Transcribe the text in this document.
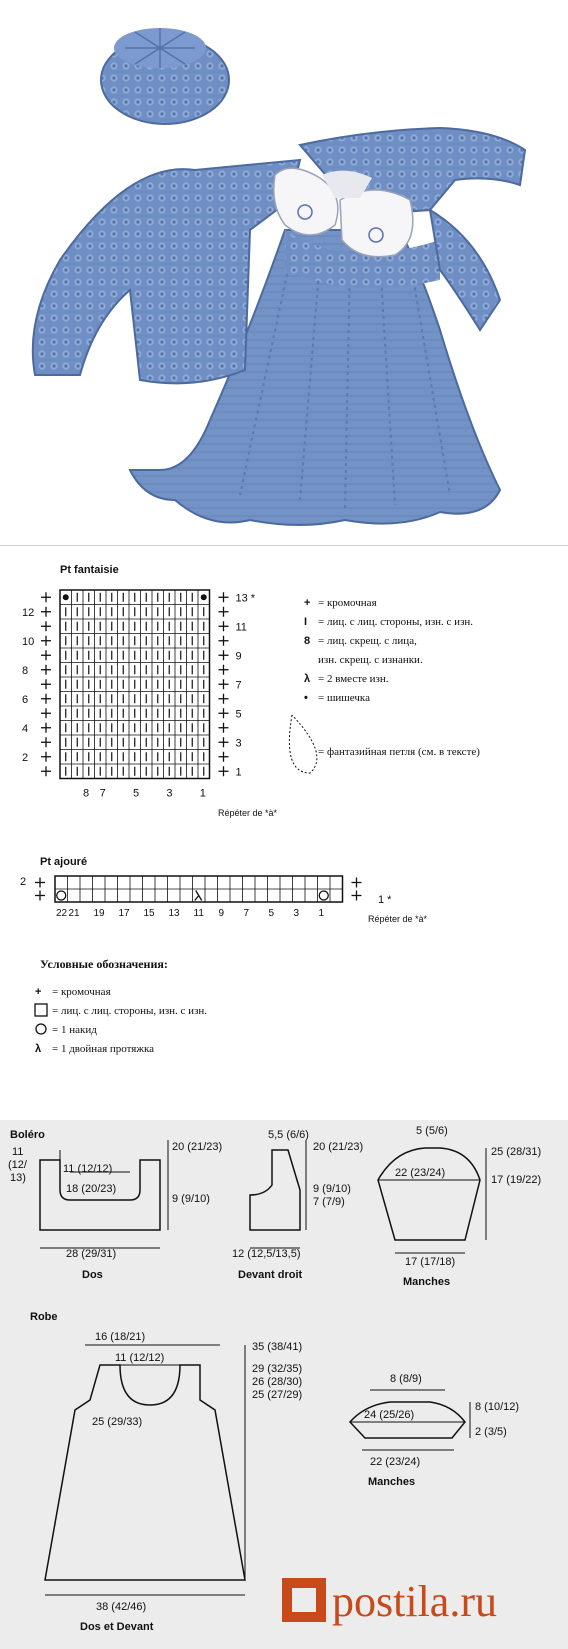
Pt fantaisie
12
10
8
6
4
2
13 *
11
9
7
5
3
1
8 7 5 3 1
Répéter de *à*
+ = кромочная
I = лиц. с лиц. стороны, изн. с изн.
8 = лиц. скрещ. с лица,
изн. скрещ. с изнанки.
λ = 2 вместе изн.
• = шишечка
= фантазийная петля (см. в тексте)
Pt ajouré
2
1 *
22 21 19 17 15 13 11 9 7 5 3 1	Répéter de *à*
Условные обозначения:
+ = кромочная
= лиц. с лиц. стороны, изн. с изн.
= 1 накид
λ = 1 двойная протяжка
Boléro
11 (12/12)
18 (20/23)
28 (29/31)
20 (21/23)
9 (9/10)
11
(12/
13)
Dos
5,5 (6/6)
20 (21/23)
9 (9/10)
7 (7/9)
12 (12,5/13,5)
Devant droit
5 (5/6)
22 (23/24)
25 (28/31)
17 (19/22)
17 (17/18)
Manches
Robe
16 (18/21)
11 (12/12)
25 (29/33)
38 (42/46)
35 (38/41)
29 (32/35)
26 (28/30)
25 (27/29)
Dos et Devant
8 (8/9)
24 (25/26)
8 (10/12)
2 (3/5)
22 (23/24)
Manches
postila.ru
